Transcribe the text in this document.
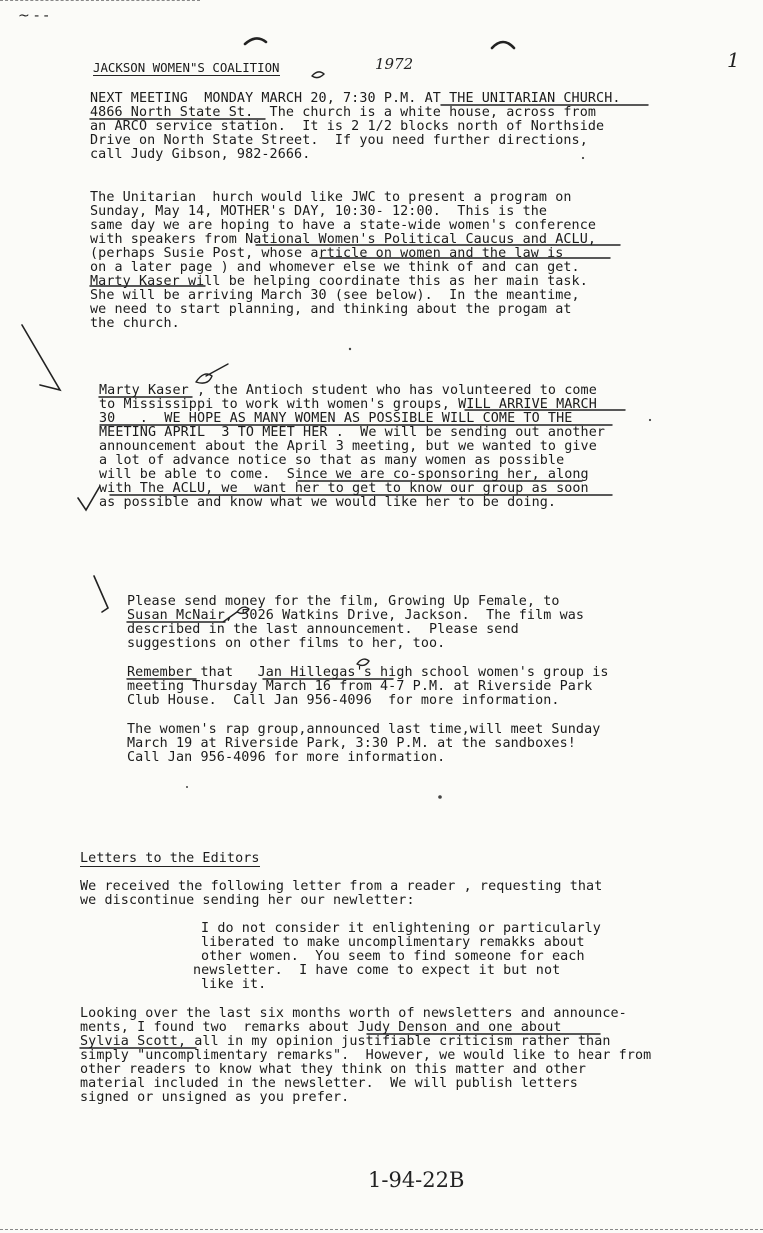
~ - -
JACKSON WOMEN"S COALITION	1972	1
NEXT MEETING  MONDAY MARCH 20, 7:30 P.M. AT THE UNITARIAN CHURCH.
4866 North State St.  The church is a white house, across from
an ARCO service station.  It is 2 1/2 blocks north of Northside
Drive on North State Street.  If you need further directions,
call Judy Gibson, 982-2666.
The Unitarian  hurch would like JWC to present a program on
Sunday, May 14, MOTHER's DAY, 10:30- 12:00.  This is the
same day we are hoping to have a state-wide women's conference
with speakers from National Women's Political Caucus and ACLU,
(perhaps Susie Post, whose article on women and the law is
on a later page ) and whomever else we think of and can get.
Marty Kaser will be helping coordinate this as her main task.
She will be arriving March 30 (see below).  In the meantime,
we need to start planning, and thinking about the progam at
the church.
Marty Kaser , the Antioch student who has volunteered to come
to Mississippi to work with women's groups, WILL ARRIVE MARCH
30   .  WE HOPE AS MANY WOMEN AS POSSIBLE WILL COME TO THE
MEETING APRIL  3 TO MEET HER .  We will be sending out another
announcement about the April 3 meeting, but we wanted to give
a lot of advance notice so that as many women as possible
will be able to come.  Since we are co-sponsoring her, along
with The ACLU, we  want her to get to know our group as soon
as possible and know what we would like her to be doing.
Please send money for the film, Growing Up Female, to
Susan McNair, 5026 Watkins Drive, Jackson.  The film was
described in the last announcement.  Please send
suggestions on other films to her, too.
Remember that   Jan Hillegas's high school women's group is
meeting Thursday March 16 from 4-7 P.M. at Riverside Park
Club House.  Call Jan 956-4096  for more information.
The women's rap group,announced last time,will meet Sunday
March 19 at Riverside Park, 3:30 P.M. at the sandboxes!
Call Jan 956-4096 for more information.
Letters to the Editors
We received the following letter from a reader , requesting that
we discontinue sending her our newletter:
I do not consider it enlightening or particularly
liberated to make uncomplimentary remakks about
other women.  You seem to find someone for each
newsletter.  I have come to expect it but not
like it.
Looking over the last six months worth of newsletters and announce-
ments, I found two  remarks about Judy Denson and one about
Sylvia Scott, all in my opinion justifiable criticism rather than
simply "uncomplimentary remarks".  However, we would like to hear from
other readers to know what they think on this matter and other
material included in the newsletter.  We will publish letters
signed or unsigned as you prefer.
1-94-22B
